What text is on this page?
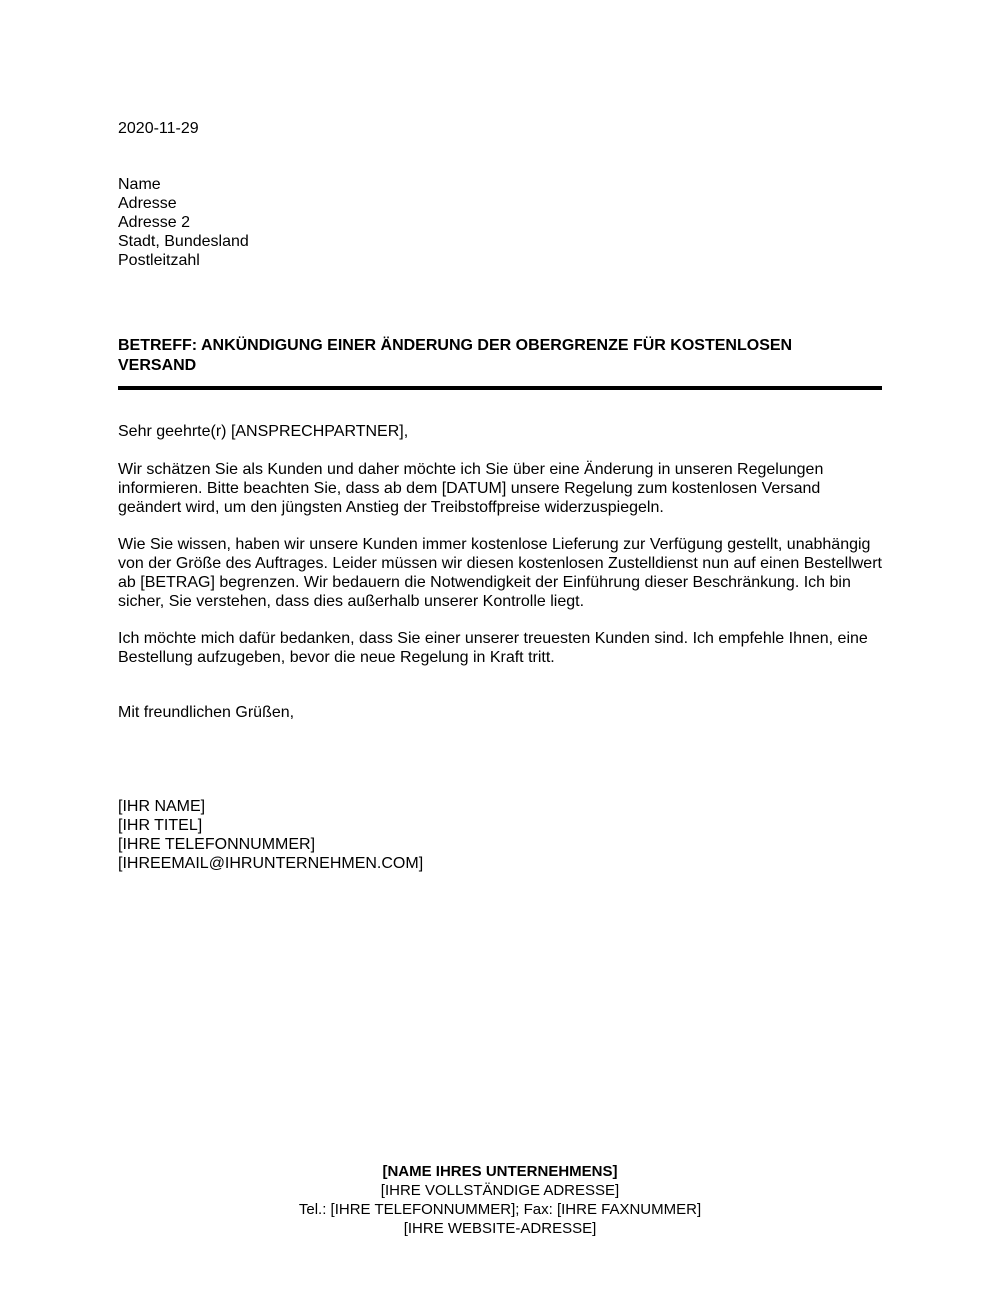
2020-11-29
Name
Adresse
Adresse 2
Stadt, Bundesland
Postleitzahl
BETREFF: ANKÜNDIGUNG EINER ÄNDERUNG DER OBERGRENZE FÜR KOSTENLOSEN VERSAND
Sehr geehrte(r) [ANSPRECHPARTNER],
Wir schätzen Sie als Kunden und daher möchte ich Sie über eine Änderung in unseren Regelungen informieren. Bitte beachten Sie, dass ab dem [DATUM] unsere Regelung zum kostenlosen Versand geändert wird, um den jüngsten Anstieg der Treibstoffpreise widerzuspiegeln.
Wie Sie wissen, haben wir unsere Kunden immer kostenlose Lieferung zur Verfügung gestellt, unabhängig von der Größe des Auftrages. Leider müssen wir diesen kostenlosen Zustelldienst nun auf einen Bestellwert ab [BETRAG] begrenzen. Wir bedauern die Notwendigkeit der Einführung dieser Beschränkung. Ich bin sicher, Sie verstehen, dass dies außerhalb unserer Kontrolle liegt.
Ich möchte mich dafür bedanken, dass Sie einer unserer treuesten Kunden sind. Ich empfehle Ihnen, eine Bestellung aufzugeben, bevor die neue Regelung in Kraft tritt.
Mit freundlichen Grüßen,
[IHR NAME]
[IHR TITEL]
[IHRE TELEFONNUMMER]
[IHREEMAIL@IHRUNTERNEHMEN.COM]
[NAME IHRES UNTERNEHMENS]
[IHRE VOLLSTÄNDIGE ADRESSE]
Tel.: [IHRE TELEFONNUMMER]; Fax: [IHRE FAXNUMMER]
[IHRE WEBSITE-ADRESSE]
